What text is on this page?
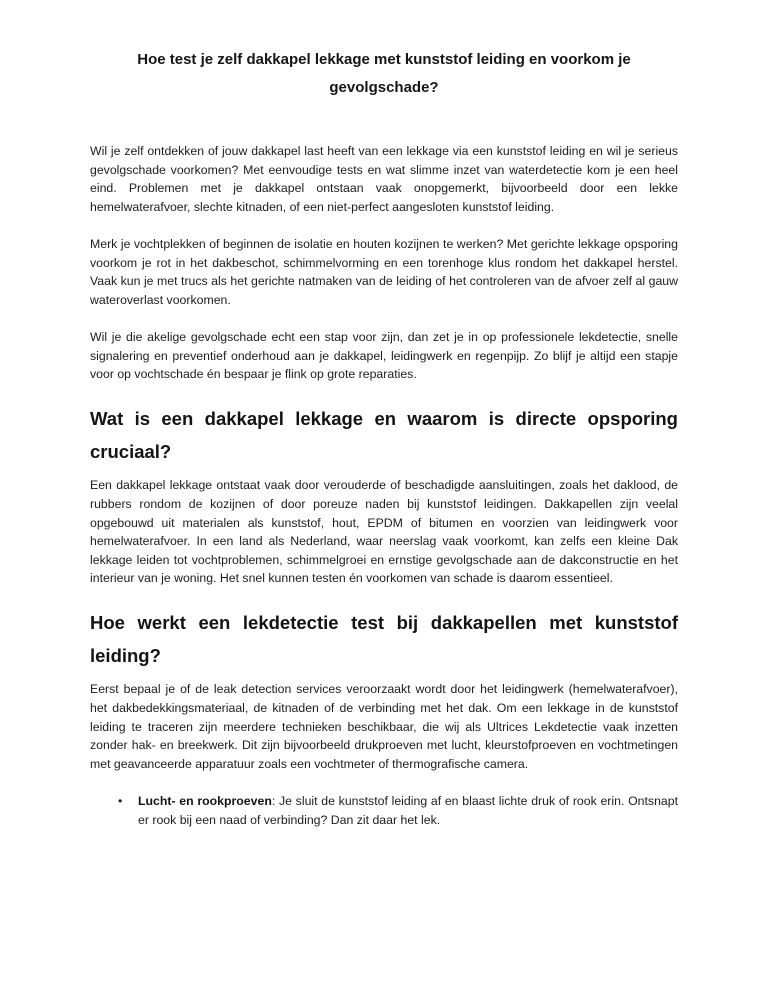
Hoe test je zelf dakkapel lekkage met kunststof leiding en voorkom je gevolgschade?

Wil je zelf ontdekken of jouw dakkapel last heeft van een lekkage via een kunststof leiding en wil je serieus gevolgschade voorkomen? Met eenvoudige tests en wat slimme inzet van waterdetectie kom je een heel eind. Problemen met je dakkapel ontstaan vaak onopgemerkt, bijvoorbeeld door een lekke hemelwaterafvoer, slechte kitnaden, of een niet-perfect aangesloten kunststof leiding.

Merk je vochtplekken of beginnen de isolatie en houten kozijnen te werken? Met gerichte lekkage opsporing voorkom je rot in het dakbeschot, schimmelvorming en een torenhoge klus rondom het dakkapel herstel. Vaak kun je met trucs als het gerichte natmaken van de leiding of het controleren van de afvoer zelf al gauw wateroverlast voorkomen.

Wil je die akelige gevolgschade echt een stap voor zijn, dan zet je in op professionele lekdetectie, snelle signalering en preventief onderhoud aan je dakkapel, leidingwerk en regenpijp. Zo blijf je altijd een stapje voor op vochtschade én bespaar je flink op grote reparaties.

Wat is een dakkapel lekkage en waarom is directe opsporing cruciaal?

Een dakkapel lekkage ontstaat vaak door verouderde of beschadigde aansluitingen, zoals het daklood, de rubbers rondom de kozijnen of door poreuze naden bij kunststof leidingen. Dakkapellen zijn veelal opgebouwd uit materialen als kunststof, hout, EPDM of bitumen en voorzien van leidingwerk voor hemelwaterafvoer. In een land als Nederland, waar neerslag vaak voorkomt, kan zelfs een kleine Dak lekkage leiden tot vochtproblemen, schimmelgroei en ernstige gevolgschade aan de dakconstructie en het interieur van je woning. Het snel kunnen testen én voorkomen van schade is daarom essentieel.

Hoe werkt een lekdetectie test bij dakkapellen met kunststof leiding?

Eerst bepaal je of de leak detection services veroorzaakt wordt door het leidingwerk (hemelwaterafvoer), het dakbedekkingsmateriaal, de kitnaden of de verbinding met het dak. Om een lekkage in de kunststof leiding te traceren zijn meerdere technieken beschikbaar, die wij als Ultrices Lekdetectie vaak inzetten zonder hak- en breekwerk. Dit zijn bijvoorbeeld drukproeven met lucht, kleurstofproeven en vochtmetingen met geavanceerde apparatuur zoals een vochtmeter of thermografische camera.

• Lucht- en rookproeven: Je sluit de kunststof leiding af en blaast lichte druk of rook erin. Ontsnapt er rook bij een naad of verbinding? Dan zit daar het lek.
